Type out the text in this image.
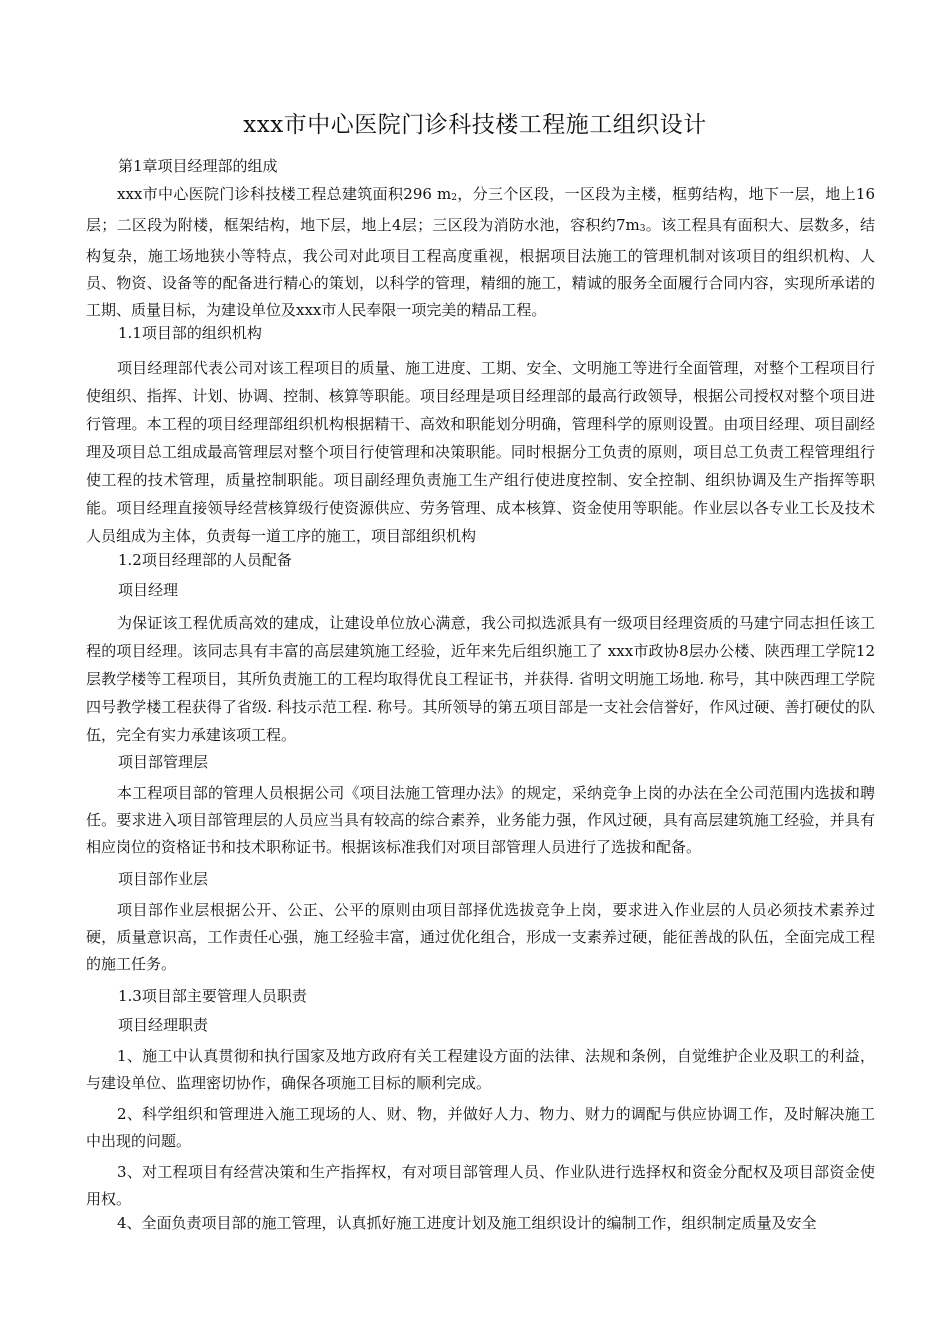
xxx市中心医院门诊科技楼工程施工组织设计
第1章项目经理部的组成

xxx市中心医院门诊科技楼工程总建筑面积296 m2，分三个区段，一区段为主楼，框剪结构，地下一层，地上16层；二区段为附楼，框架结构，地下层，地上4层；三区段为消防水池，容积约7m3。该工程具有面积大、层数多，结构复杂，施工场地狭小等特点，我公司对此项目工程高度重视，根据项目法施工的管理机制对该项目的组织机构、人员、物资、设备等的配备进行精心的策划，以科学的管理，精细的施工，精诚的服务全面履行合同内容，实现所承诺的工期、质量目标，为建设单位及xxx市人民奉限一项完美的精品工程。

1.1项目部的组织机构

项目经理部代表公司对该工程项目的质量、施工进度、工期、安全、文明施工等进行全面管理，对整个工程项目行使组织、指挥、计划、协调、控制、核算等职能。项目经理是项目经理部的最高行政领导，根据公司授权对整个项目进行管理。本工程的项目经理部组织机构根据精干、高效和职能划分明确，管理科学的原则设置。由项目经理、项目副经理及项目总工组成最高管理层对整个项目行使管理和决策职能。同时根据分工负责的原则，项目总工负责工程管理组行使工程的技术管理，质量控制职能。项目副经理负责施工生产组行使进度控制、安全控制、组织协调及生产指挥等职能。项目经理直接领导经营核算级行使资源供应、劳务管理、成本核算、资金使用等职能。作业层以各专业工长及技术人员组成为主体，负责每一道工序的施工，项目部组织机构

1.2项目经理部的人员配备
项目经理

为保证该工程优质高效的建成，让建设单位放心满意，我公司拟选派具有一级项目经理资质的马建宁同志担任该工程的项目经理。该同志具有丰富的高层建筑施工经验，近年来先后组织施工了 xxx市政协8层办公楼、陕西理工学院12层教学楼等工程项目，其所负责施工的工程均取得优良工程证书，并获得. 省明文明施工场地. 称号，其中陕西理工学院四号教学楼工程获得了省级. 科技示范工程. 称号。其所领导的第五项目部是一支社会信誉好，作风过硬、善打硬仗的队伍，完全有实力承建该项工程。

项目部管理层

本工程项目部的管理人员根据公司《项目法施工管理办法》的规定，采纳竞争上岗的办法在全公司范围内选拔和聘任。要求进入项目部管理层的人员应当具有较高的综合素养，业务能力强，作风过硬，具有高层建筑施工经验，并具有相应岗位的资格证书和技术职称证书。根据该标准我们对项目部管理人员进行了选拔和配备。

项目部作业层

项目部作业层根据公开、公正、公平的原则由项目部择优选拔竞争上岗，要求进入作业层的人员必须技术素养过硬，质量意识高，工作责任心强，施工经验丰富，通过优化组合，形成一支素养过硬，能征善战的队伍，全面完成工程的施工任务。

1.3项目部主要管理人员职责
项目经理职责

1、施工中认真贯彻和执行国家及地方政府有关工程建设方面的法律、法规和条例，自觉维护企业及职工的利益，与建设单位、监理密切协作，确保各项施工目标的顺利完成。

2、科学组织和管理进入施工现场的人、财、物，并做好人力、物力、财力的调配与供应协调工作，及时解决施工中出现的问题。

3、对工程项目有经营决策和生产指挥权，有对项目部管理人员、作业队进行选择权和资金分配权及项目部资金使用权。

4、全面负责项目部的施工管理，认真抓好施工进度计划及施工组织设计的编制工作，组织制定质量及安全
